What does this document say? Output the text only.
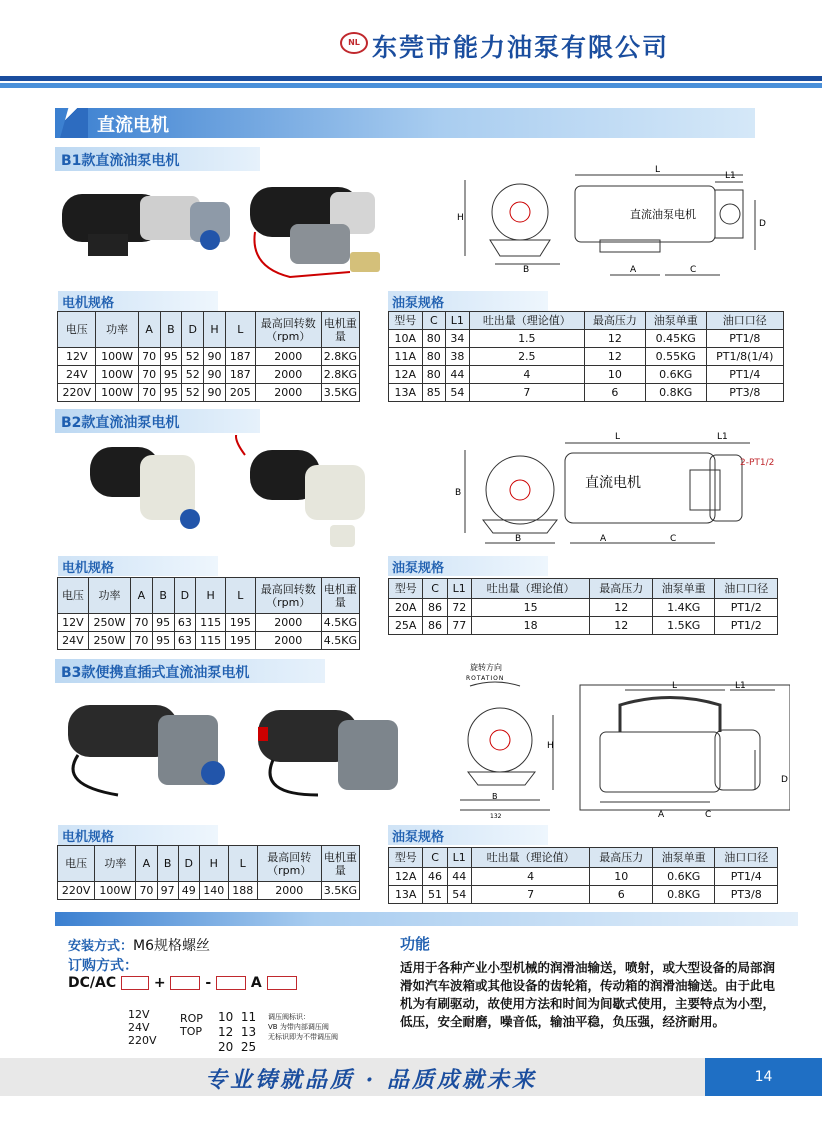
NL 东莞市能力油泵有限公司
直流电机
B1款直流油泵电机
直流油泵电机
L
L1
H
D
B	A	C
电机规格	油泵规格
电压	功率	A	B	D	H	L	最高回转数（rpm）	电机重量
12V	100W	70	95	52	90	187	2000	2.8KG
24V	100W	70	95	52	90	187	2000	2.8KG
220V	100W	70	95	52	90	205	2000	3.5KG
型号	C	L1	吐出量（理论值）	最高压力	油泵单重	油口口径
10A	80	34	1.5	12	0.45KG	PT1/8
11A	80	38	2.5	12	0.55KG	PT1/8(1/4)
12A	80	44	4	10	0.6KG	PT1/4
13A	85	54	7	6	0.8KG	PT3/8
B2款直流油泵电机
直流电机
2-PT1/2
L	L1
B
B	A	C
电机规格	油泵规格
电压	功率	A	B	D	H	L	最高回转数（rpm）	电机重量
12V	250W	70	95	63	115	195	2000	4.5KG
24V	250W	70	95	63	115	195	2000	4.5KG
型号	C	L1	吐出量（理论值）	最高压力	油泵单重	油口口径
20A	86	72	15	12	1.4KG	PT1/2
25A	86	77	18	12	1.5KG	PT1/2
B3款便携直插式直流油泵电机	旋转方向
ROTATION
L	L1
H
D
B
132	A	C
电机规格	油泵规格
电压	功率	A	B	D	H	L	最高回转（rpm）	电机重量
220V	100W	70	97	49	140	188	2000	3.5KG
型号	C	L1	吐出量（理论值）	最高压力	油泵单重	油口口径
12A	46	44	4	10	0.6KG	PT1/4
13A	51	54	7	6	0.8KG	PT3/8
安装方式：M6规格螺丝
订购方式：
DC/AC	+	-	A
12V
24V
220V
ROP
TOP
10  11
12  13
20  25
调压阀标识：
VB 为带内部调压阀
无标识即为不带调压阀
功能
适用于各种产业小型机械的润滑油输送，喷射，或大型设备的局部润滑如汽车波箱或其他设备的齿轮箱，传动箱的润滑油输送。由于此电机为有刷驱动，故使用方法和时间为间歇式使用，主要特点为小型，低压，安全耐磨，噪音低，输油平稳，负压强，经济耐用。
专业铸就品质 · 品质成就未来	14
